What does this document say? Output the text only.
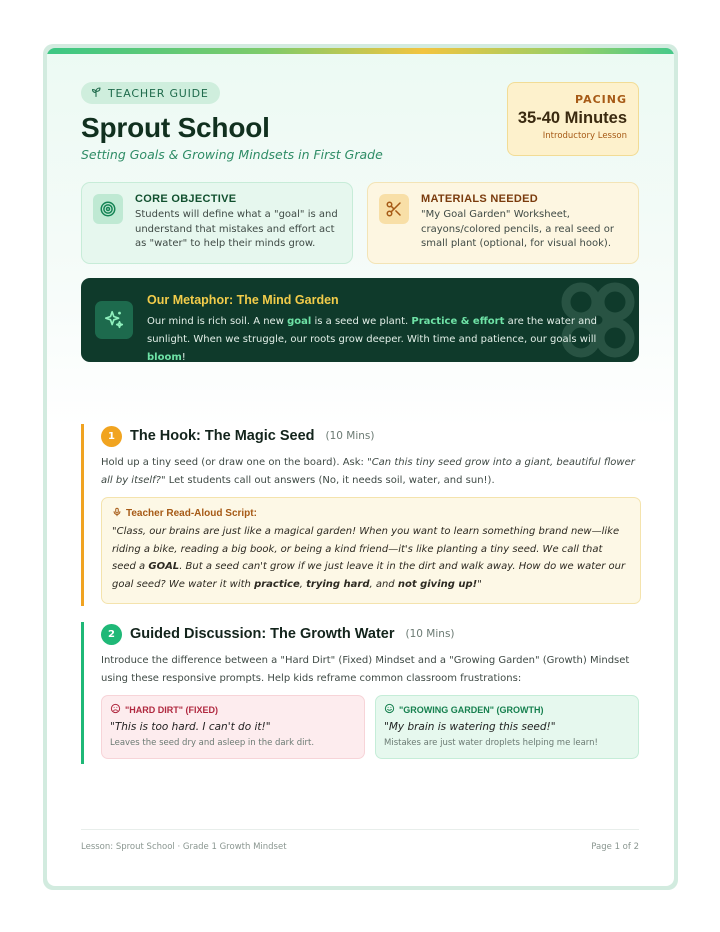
TEACHER GUIDE
Sprout School
Setting Goals & Growing Mindsets in First Grade
PACING
35-40 Minutes
Introductory Lesson
CORE OBJECTIVE
Students will define what a "goal" is and understand that mistakes and effort act as "water" to help their minds grow.
MATERIALS NEEDED
"My Goal Garden" Worksheet, crayons/colored pencils, a real seed or small plant (optional, for visual hook).
Our Metaphor: The Mind Garden
Our mind is rich soil. A new goal is a seed we plant. Practice & effort are the water and sunlight. When we struggle, our roots grow deeper. With time and patience, our goals will bloom!
1	The Hook: The Magic Seed (10 Mins)
Hold up a tiny seed (or draw one on the board). Ask: "Can this tiny seed grow into a giant, beautiful flower all by itself?" Let students call out answers (No, it needs soil, water, and sun!).
Teacher Read-Aloud Script:
"Class, our brains are just like a magical garden! When you want to learn something brand new—like riding a bike, reading a big book, or being a kind friend—it's like planting a tiny seed. We call that seed a GOAL. But a seed can't grow if we just leave it in the dirt and walk away. How do we water our goal seed? We water it with practice, trying hard, and not giving up!"
2	Guided Discussion: The Growth Water (10 Mins)
Introduce the difference between a "Hard Dirt" (Fixed) Mindset and a "Growing Garden" (Growth) Mindset using these responsive prompts. Help kids reframe common classroom frustrations:
"HARD DIRT" (FIXED)
"This is too hard. I can't do it!"
Leaves the seed dry and asleep in the dark dirt.
"GROWING GARDEN" (GROWTH)
"My brain is watering this seed!"
Mistakes are just water droplets helping me learn!
Lesson: Sprout School · Grade 1 Growth Mindset	Page 1 of 2
